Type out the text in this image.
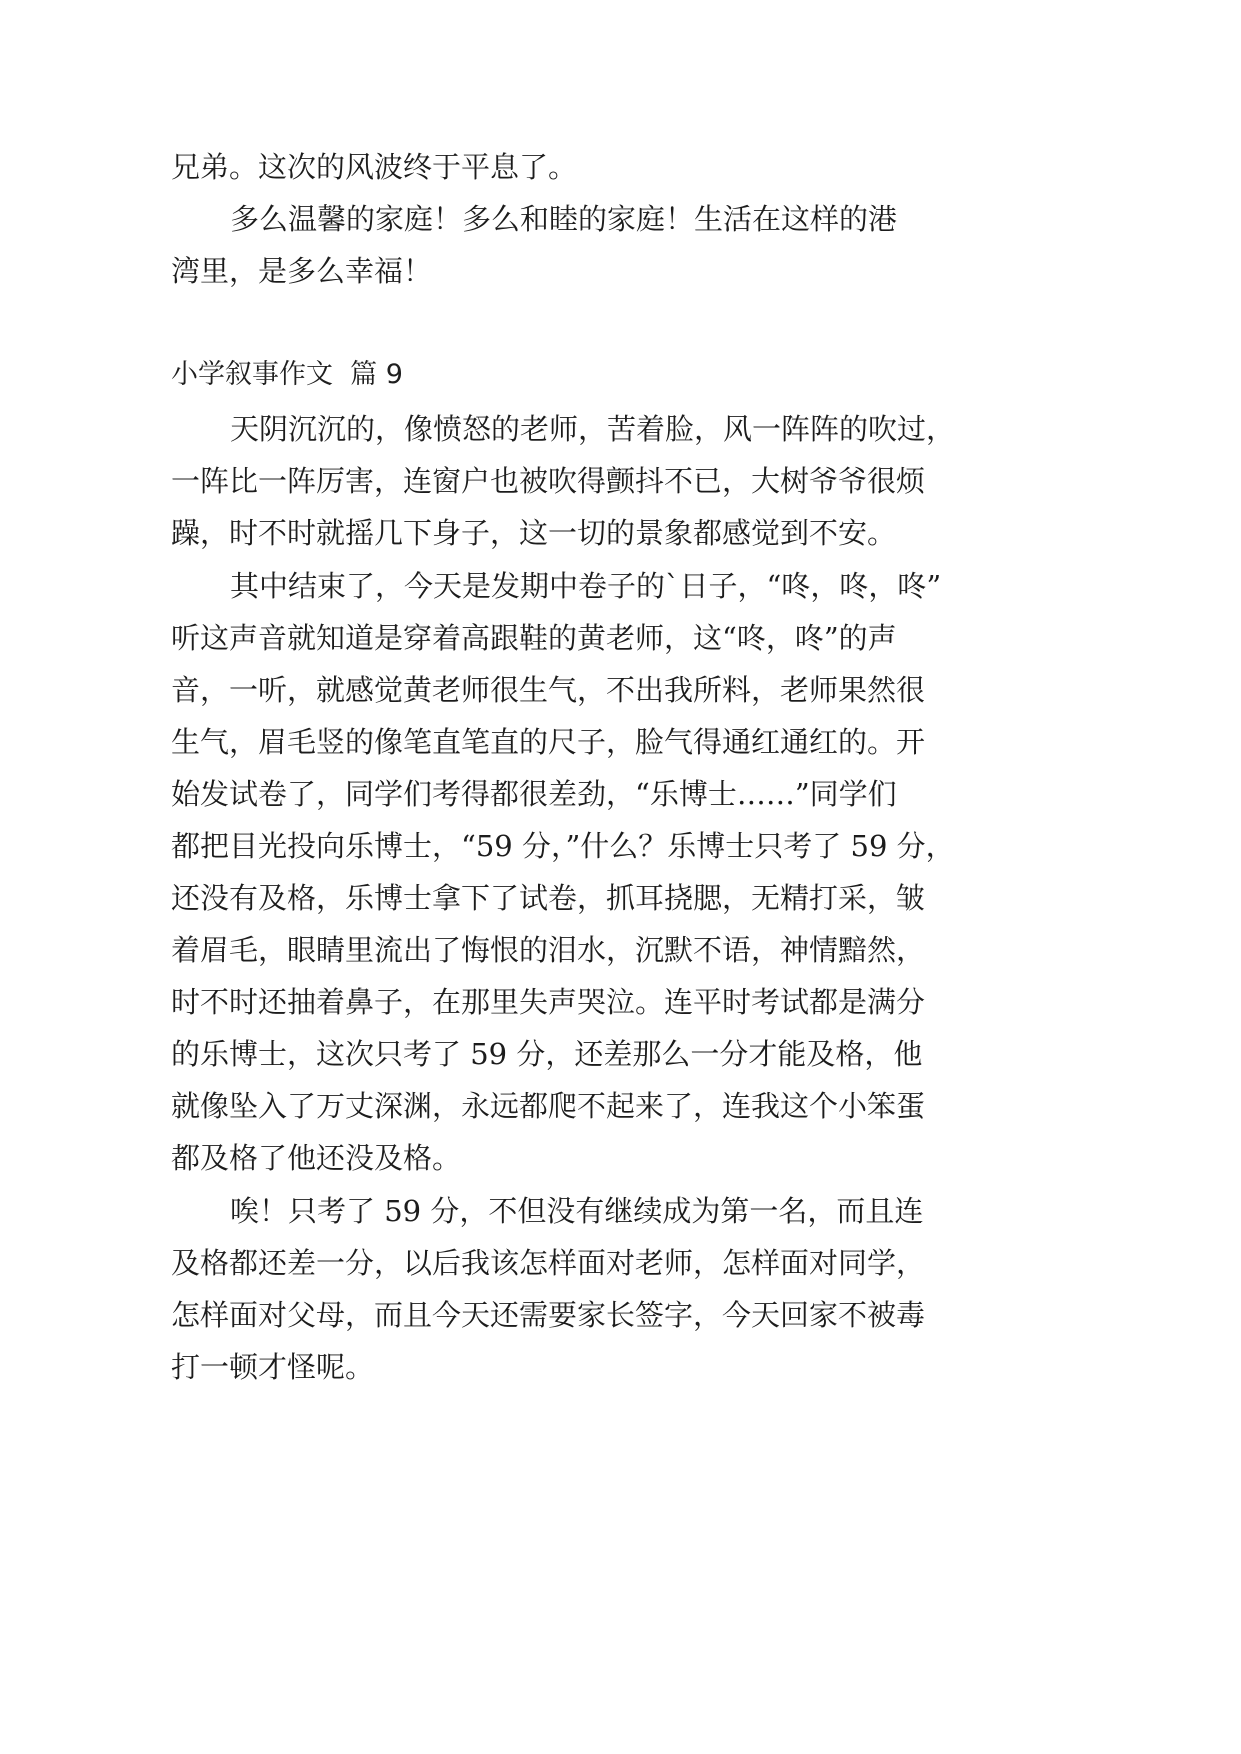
兄弟。这次的风波终于平息了。

多么温馨的家庭！多么和睦的家庭！生活在这样的港

湾里，是多么幸福！

小学叙事作文  篇 9

天阴沉沉的，像愤怒的老师，苦着脸，风一阵阵的吹过，

一阵比一阵厉害，连窗户也被吹得颤抖不已，大树爷爷很烦

躁，时不时就摇几下身子，这一切的景象都感觉到不安。

其中结束了，今天是发期中卷子的`日子，“咚，咚，咚”

听这声音就知道是穿着高跟鞋的黄老师，这“咚，咚”的声

音，一听，就感觉黄老师很生气，不出我所料，老师果然很

生气，眉毛竖的像笔直笔直的尺子，脸气得通红通红的。开

始发试卷了，同学们考得都很差劲，“乐博士……”同学们

都把目光投向乐博士，“59 分，”什么？乐博士只考了 59 分，

还没有及格，乐博士拿下了试卷，抓耳挠腮，无精打采，皱

着眉毛，眼睛里流出了悔恨的泪水，沉默不语，神情黯然，

时不时还抽着鼻子，在那里失声哭泣。连平时考试都是满分

的乐博士，这次只考了 59 分，还差那么一分才能及格，他

就像坠入了万丈深渊，永远都爬不起来了，连我这个小笨蛋

都及格了他还没及格。

唉！只考了 59 分，不但没有继续成为第一名，而且连

及格都还差一分，以后我该怎样面对老师，怎样面对同学，

怎样面对父母，而且今天还需要家长签字，今天回家不被毒

打一顿才怪呢。
